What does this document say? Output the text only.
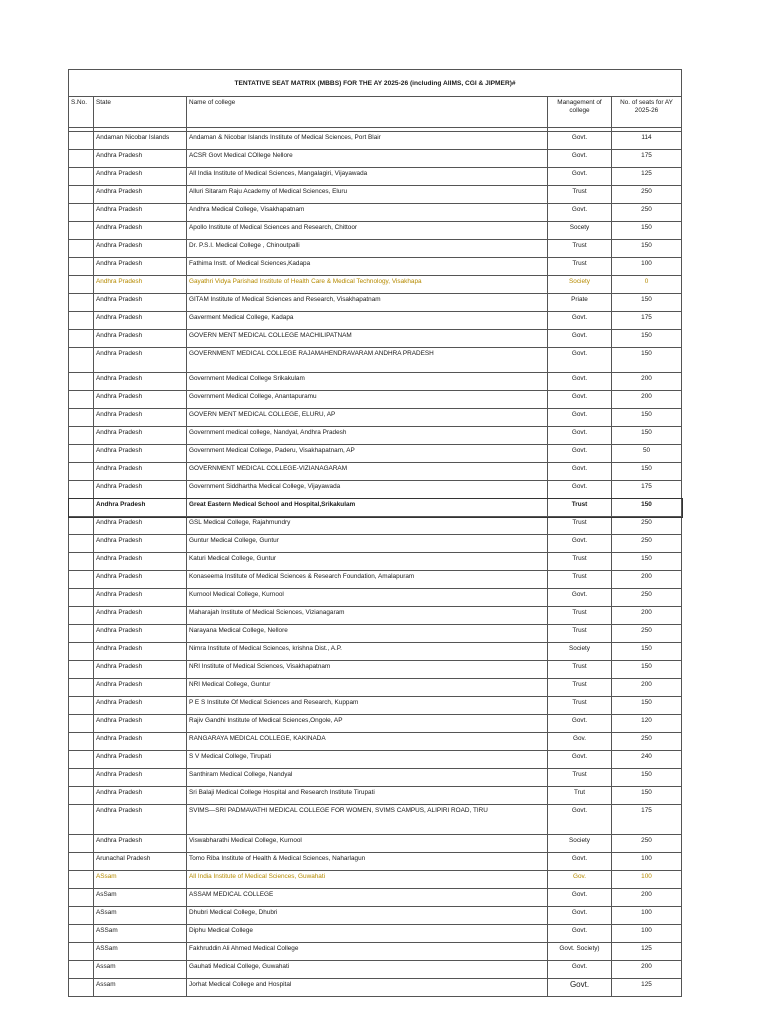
TENTATIVE SEAT MATRIX (MBBS) FOR THE AY 2025-26 (including AIIMS, CGI & JIPMER)#				
S.No.	State	Name of college	Management of college	No. of seats for AY 2025-26

	Andaman Nicobar Islands	Andaman & Nicobar Islands Institute of Medical Sciences, Port Blair	Govt.	114
	Andhra Pradesh	ACSR Govt Medical COllege Nellore	Govt.	175
	Andhra Pradesh	All India Institute of Medical Sciences, Mangalagiri, Vijayawada	Govt.	125
	Andhra Pradesh	Alluri Sitaram Raju Academy of Medical Sciences, Eluru	Trust	250
	Andhra Pradesh	Andhra Medical College, Visakhapatnam	Govt.	250
	Andhra Pradesh	Apollo Institute of Medical Sciences and Research, Chittoor	Socety	150
	Andhra Pradesh	Dr. P.S.I. Medical College , Chinoutpalli	Trust	150
	Andhra Pradesh	Fathima Instt. of Medical Sciences,Kadapa	Trust	100
	Andhra Pradesh	Gayathri Vidya Parishad Institute of Health Care & Medical Technology, Visakhapa	Society	0
	Andhra Pradesh	GITAM Institute of Medical Sciences and Research, Visakhapatnam	Priate	150
	Andhra Pradesh	Gaverment Medical College, Kadapa	Govt.	175
	Andhra Pradesh	GOVERN MENT MEDICAL COLLEGE MACHILIPATNAM	Govt.	150
	Andhra Pradesh	GOVERNMENT MEDICAL COLLEGE RAJAMAHENDRAVARAM ANDHRA PRADESH	Govt.	150
	Andhra Pradesh	Government Medical College Srikakulam	Govt.	200
	Andhra Pradesh	Government Medical College, Anantapuramu	Govt.	200
	Andhra Pradesh	GOVERN MENT MEDICAL COLLEGE, ELURU, AP	Govt.	150
	Andhra Pradesh	Government medical college, Nandyal, Andhra Pradesh	Govt.	150
	Andhra Pradesh	Government Medical College, Paderu, Visakhapatnam, AP	Govt.	50
	Andhra Pradesh	GOVERNMENT MEDICAL COLLEGE-VIZIANAGARAM	Govt.	150
	Andhra Pradesh	Government Siddhartha Medical College, Vijayawada	Govt.	175
	Andhra Pradesh	Great Eastern Medical School and Hospital,Srikakulam	Trust	150
	Andhra Pradesh	GSL Medical College, Rajahmundry	Trust	250
	Andhra Pradesh	Guntur Medical College, Guntur	Govt.	250
	Andhra Pradesh	Katuri Medical College, Guntur	Trust	150
	Andhra Pradesh	Konaseema Institute of Medical Sciences & Research Foundation, Amalapuram	Trust	200
	Andhra Pradesh	Kurnool Medical College, Kurnool	Govt.	250
	Andhra Pradesh	Maharajah Institute of Medical Sciences, Vizianagaram	Trust	200
	Andhra Pradesh	Narayana Medical College, Nellore	Trust	250
	Andhra Pradesh	Nimra Institute of Medical Sciences, krishna Dist., A.P.	Society	150
	Andhra Pradesh	NRI Institute of Medical Sciences, Visakhapatnam	Trust	150
	Andhra Pradesh	NRI Medical College, Guntur	Trust	200
	Andhra Pradesh	P E S Institute Of Medical Sciences and Research, Kuppam	Trust	150
	Andhra Pradesh	Rajiv Gandhi Institute of Medical Sciences,Ongole, AP	Govt.	120
	Andhra Pradesh	RANGARAYA MEDICAL COLLEGE, KAKINADA	Gov.	250
	Andhra Pradesh	S V Medical College, Tirupati	Govt.	240
	Andhra Pradesh	Santhiram Medical College, Nandyal	Trust	150
	Andhra Pradesh	Sri Balaji Medical College Hospital and Research Institute Tirupati	Trut	150
	Andhra Pradesh	SVIMS—SRI PADMAVATHI MEDICAL COLLEGE FOR WOMEN, SVIMS CAMPUS, ALIPIRI ROAD, TIRU	Govt.	175
	Andhra Pradesh	Viswabharathi Medical College, Kurnool	Society	250
	Arunachal Pradesh	Tomo Riba Institute of Health & Medical Sciences, Naharlagun	Govt.	100
	ASsam	All India Institute of Medical Sciences, Guwahati	Gov.	100
	AsSam	ASSAM MEDICAL COLLEGE	Govt.	200
	ASsam	Dhubri Medical College, Dhubri	Govt.	100
	ASSam	Diphu Medical College	Govt.	100
	ASSam	Fakhruddin Ali Ahmed Medical College	Govt. Society)	125
	Assam	Gauhati Medical College, Guwahati	Govt.	200
	Assam	Jorhat Medical College and Hospital	Govt.	125
